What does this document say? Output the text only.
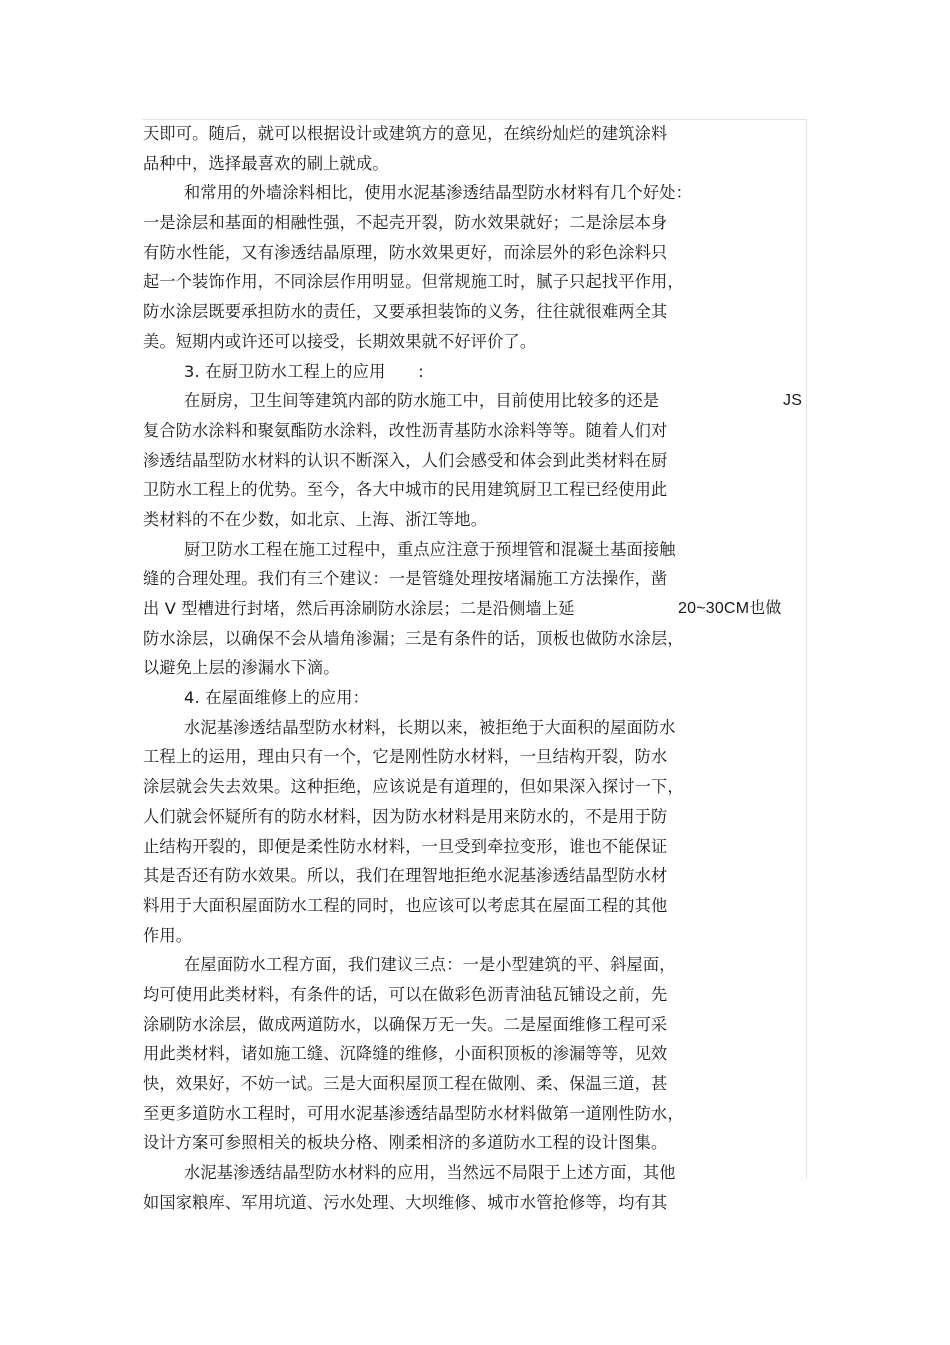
天即可。随后，就可以根据设计或建筑方的意见，在缤纷灿烂的建筑涂料
品种中，选择最喜欢的刷上就成。
和常用的外墙涂料相比，使用水泥基渗透结晶型防水材料有几个好处：
一是涂层和基面的相融性强，不起壳开裂，防水效果就好；二是涂层本身
有防水性能，又有渗透结晶原理，防水效果更好，而涂层外的彩色涂料只
起一个装饰作用，不同涂层作用明显。但常规施工时，腻子只起找平作用，
防水涂层既要承担防水的责任，又要承担装饰的义务，往往就很难两全其
美。短期内或许还可以接受，长期效果就不好评价了。
3. 在厨卫防水工程上的应用　　:
在厨房，卫生间等建筑内部的防水施工中，目前使用比较多的还是	JS
复合防水涂料和聚氨酯防水涂料，改性沥青基防水涂料等等。随着人们对
渗透结晶型防水材料的认识不断深入，人们会感受和体会到此类材料在厨
卫防水工程上的优势。至今，各大中城市的民用建筑厨卫工程已经使用此
类材料的不在少数，如北京、上海、浙江等地。
厨卫防水工程在施工过程中，重点应注意于预埋管和混凝土基面接触
缝的合理处理。我们有三个建议：一是管缝处理按堵漏施工方法操作，凿
出 V 型槽进行封堵，然后再涂刷防水涂层；二是沿侧墙上延	20~30CM也做
防水涂层，以确保不会从墙角渗漏；三是有条件的话，顶板也做防水涂层，
以避免上层的渗漏水下滴。
4. 在屋面维修上的应用：
水泥基渗透结晶型防水材料，长期以来，被拒绝于大面积的屋面防水
工程上的运用，理由只有一个，它是刚性防水材料，一旦结构开裂，防水
涂层就会失去效果。这种拒绝，应该说是有道理的，但如果深入探讨一下，
人们就会怀疑所有的防水材料，因为防水材料是用来防水的，不是用于防
止结构开裂的，即便是柔性防水材料，一旦受到牵拉变形，谁也不能保证
其是否还有防水效果。所以，我们在理智地拒绝水泥基渗透结晶型防水材
料用于大面积屋面防水工程的同时，也应该可以考虑其在屋面工程的其他
作用。
在屋面防水工程方面，我们建议三点：一是小型建筑的平、斜屋面，
均可使用此类材料，有条件的话，可以在做彩色沥青油毡瓦铺设之前，先
涂刷防水涂层，做成两道防水，以确保万无一失。二是屋面维修工程可采
用此类材料，诸如施工缝、沉降缝的维修，小面积顶板的渗漏等等，见效
快，效果好，不妨一试。三是大面积屋顶工程在做刚、柔、保温三道，甚
至更多道防水工程时，可用水泥基渗透结晶型防水材料做第一道刚性防水，
设计方案可参照相关的板块分格、刚柔相济的多道防水工程的设计图集。
水泥基渗透结晶型防水材料的应用，当然远不局限于上述方面，其他
如国家粮库、军用坑道、污水处理、大坝维修、城市水管抢修等，均有其
